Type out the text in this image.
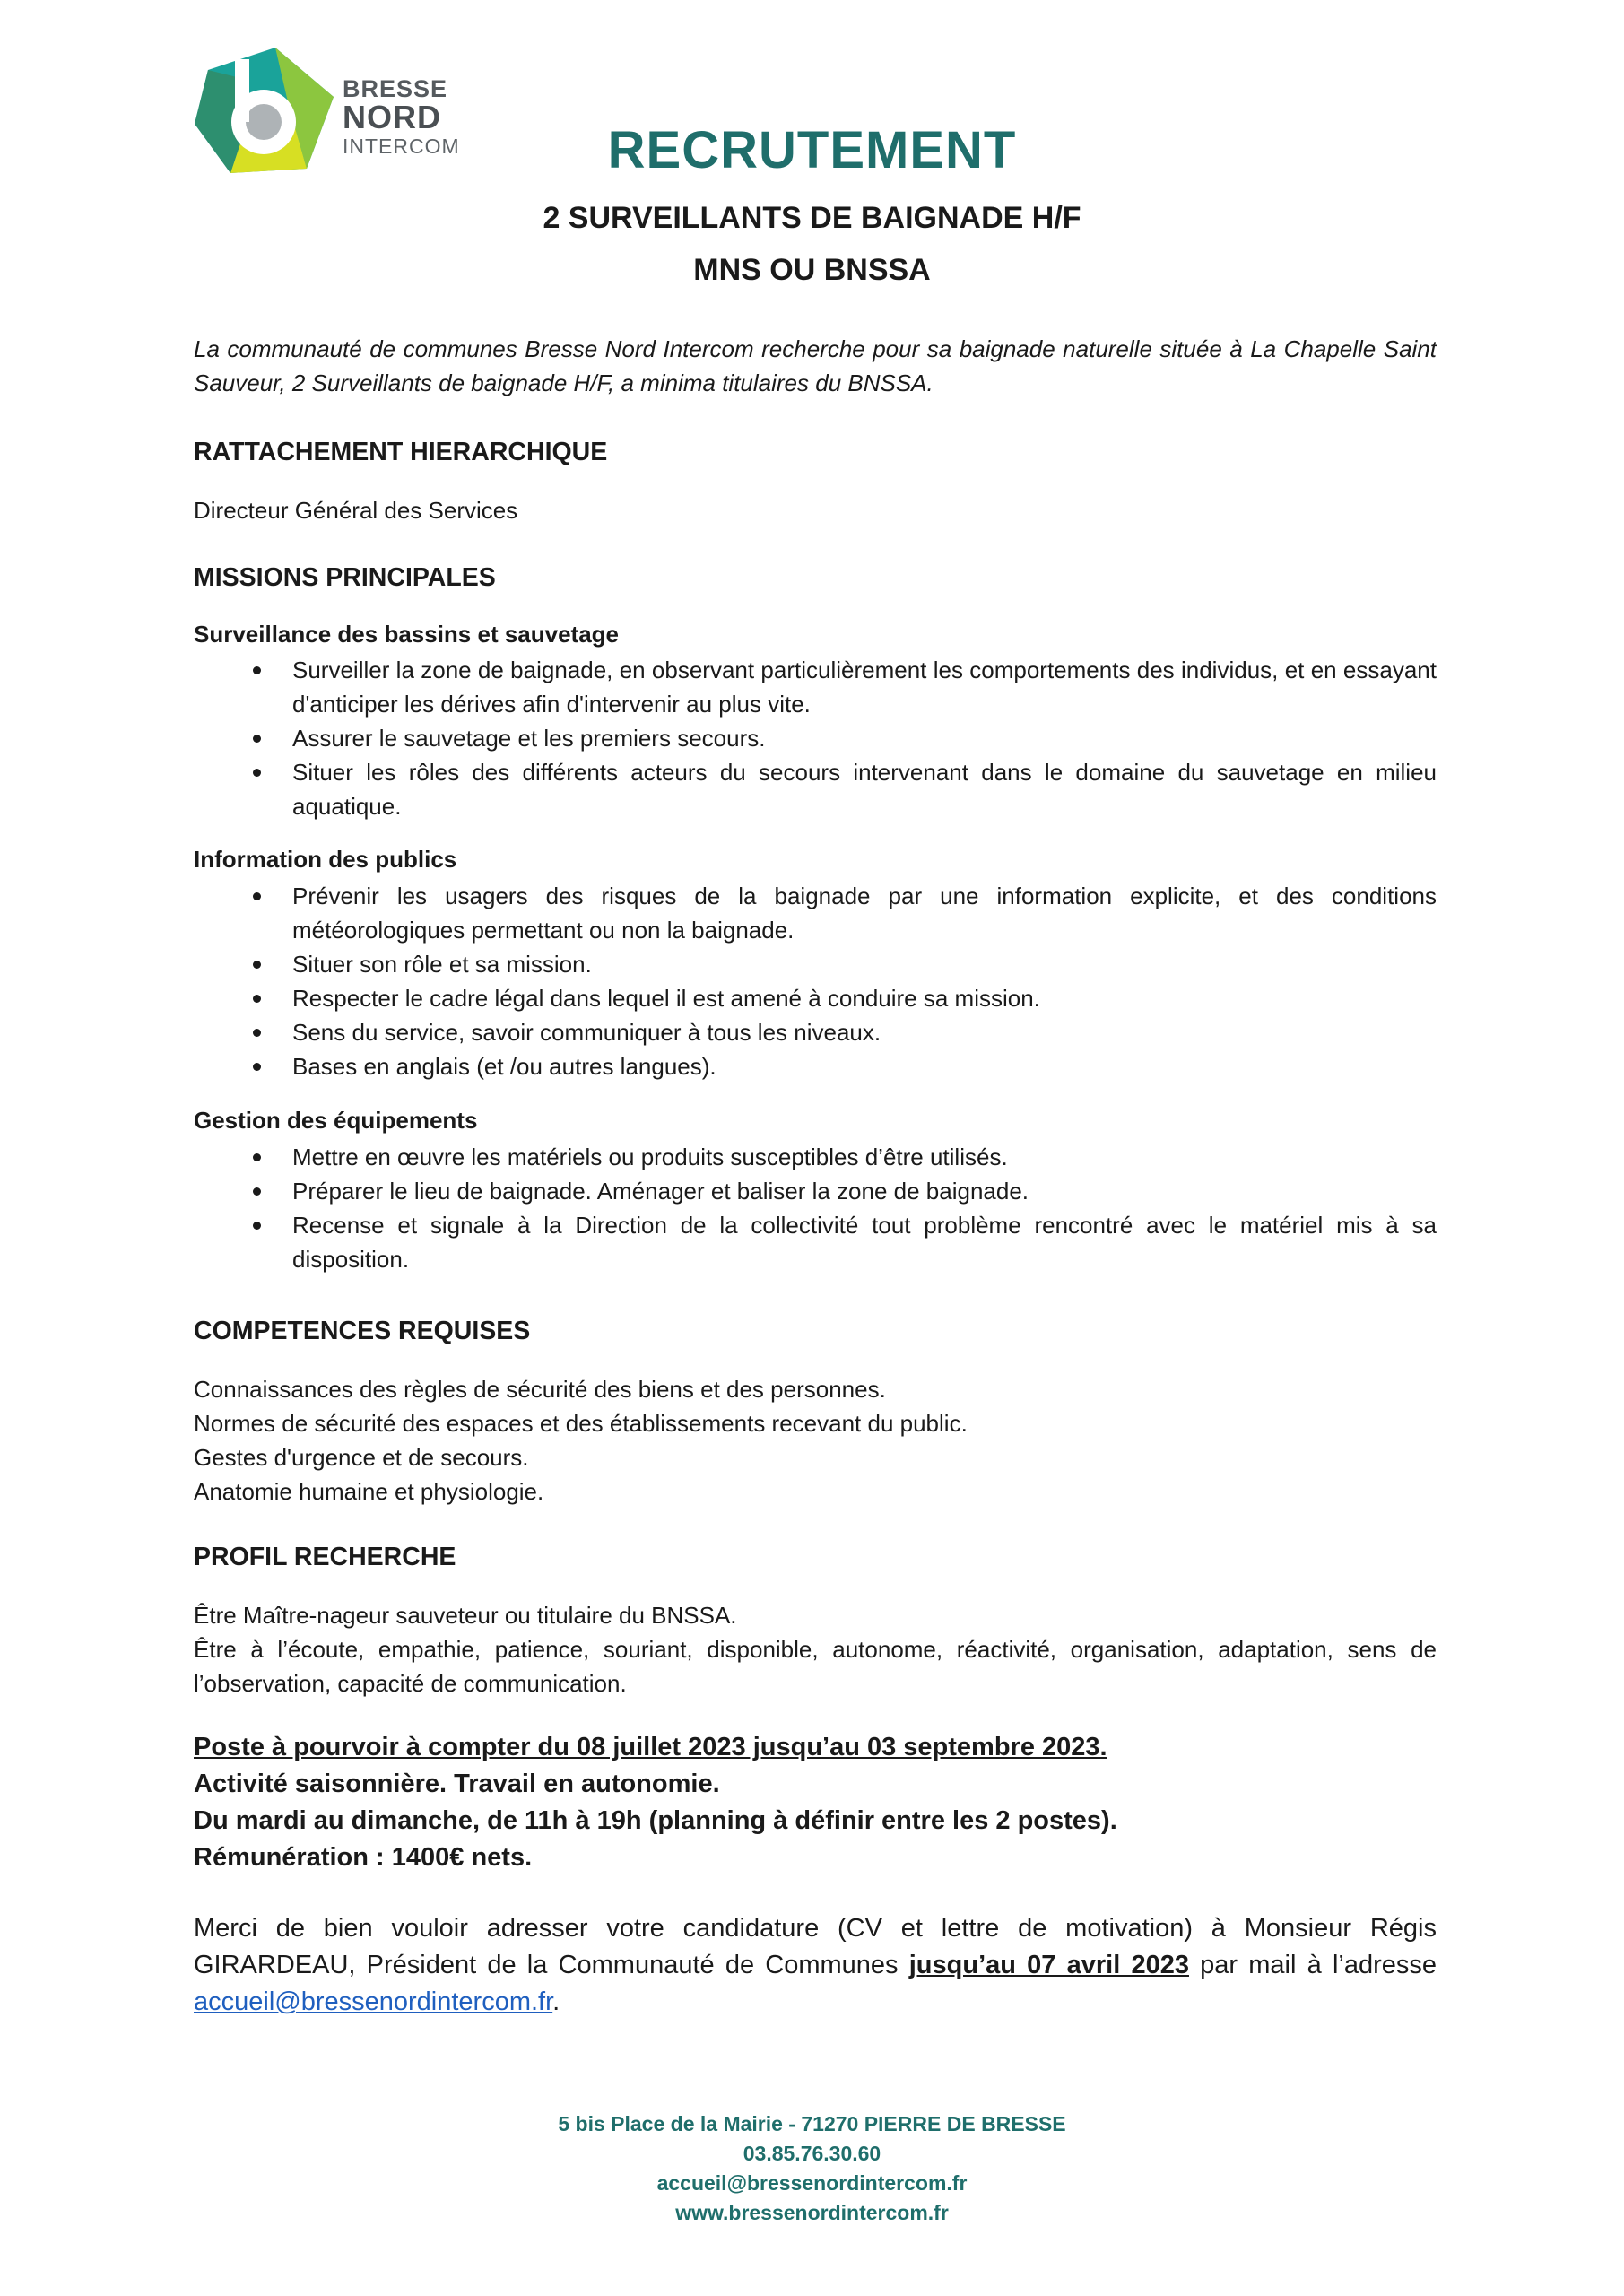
BRESSE
NORD
INTERCOM	RECRUTEMENT
2 SURVEILLANTS DE BAIGNADE H/F
MNS OU BNSSA
La communauté de communes Bresse Nord Intercom recherche pour sa baignade naturelle située à La Chapelle Saint Sauveur, 2 Surveillants de baignade H/F, a minima titulaires du BNSSA.
RATTACHEMENT HIERARCHIQUE
Directeur Général des Services
MISSIONS PRINCIPALES
Surveillance des bassins et sauvetage
Surveiller la zone de baignade, en observant particulièrement les comportements des individus, et en essayant d'anticiper les dérives afin d'intervenir au plus vite.
Assurer le sauvetage et les premiers secours.
Situer les rôles des différents acteurs du secours intervenant dans le domaine du sauvetage en milieu aquatique.
Information des publics
Prévenir les usagers des risques de la baignade par une information explicite, et des conditions météorologiques permettant ou non la baignade.
Situer son rôle et sa mission.
Respecter le cadre légal dans lequel il est amené à conduire sa mission.
Sens du service, savoir communiquer à tous les niveaux.
Bases en anglais (et /ou autres langues).
Gestion des équipements
Mettre en œuvre les matériels ou produits susceptibles d’être utilisés.
Préparer le lieu de baignade. Aménager et baliser la zone de baignade.
Recense et signale à la Direction de la collectivité tout problème rencontré avec le matériel mis à sa disposition.
COMPETENCES REQUISES
Connaissances des règles de sécurité des biens et des personnes.
Normes de sécurité des espaces et des établissements recevant du public.
Gestes d'urgence et de secours.
Anatomie humaine et physiologie.
PROFIL RECHERCHE
Être Maître-nageur sauveteur ou titulaire du BNSSA.
Être à l’écoute, empathie, patience, souriant, disponible, autonome, réactivité, organisation, adaptation, sens de l’observation, capacité de communication.
Poste à pourvoir à compter du 08 juillet 2023 jusqu’au 03 septembre 2023.
Activité saisonnière. Travail en autonomie.
Du mardi au dimanche, de 11h à 19h (planning à définir entre les 2 postes).
Rémunération : 1400€ nets.
Merci de bien vouloir adresser votre candidature (CV et lettre de motivation) à Monsieur Régis GIRARDEAU, Président de la Communauté de Communes jusqu’au 07 avril 2023 par mail à l’adresse accueil@bressenordintercom.fr.
5 bis Place de la Mairie - 71270 PIERRE DE BRESSE
03.85.76.30.60
accueil@bressenordintercom.fr
www.bressenordintercom.fr
